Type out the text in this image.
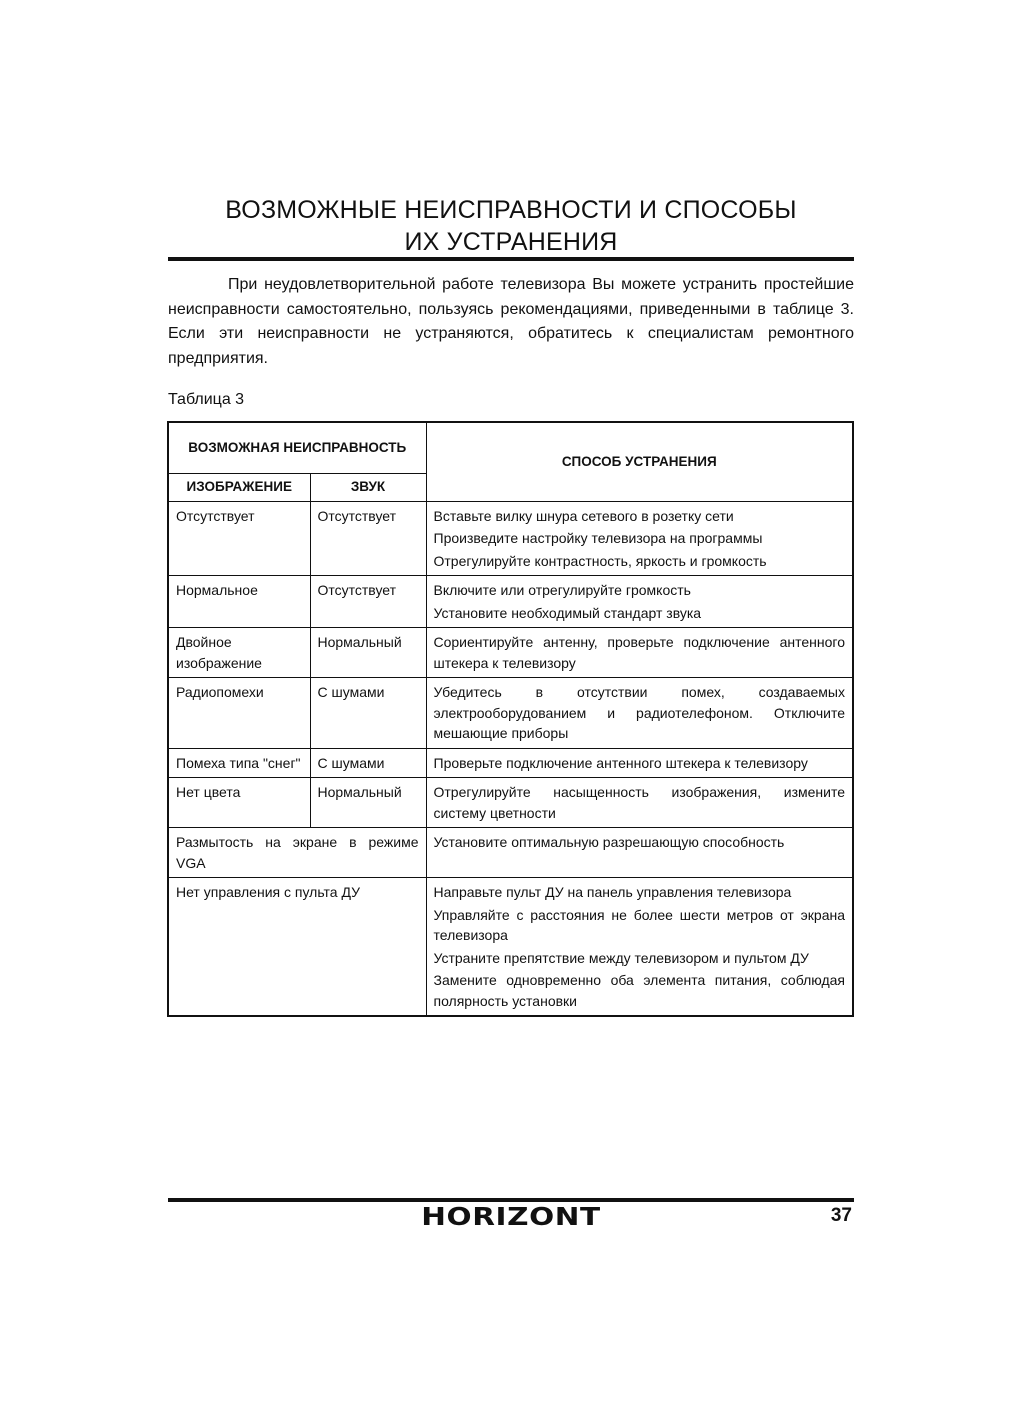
ВОЗМОЖНЫЕ НЕИСПРАВНОСТИ И СПОСОБЫ
ИХ УСТРАНЕНИЯ

При неудовлетворительной работе телевизора Вы можете устранить простейшие неисправности самостоятельно, пользуясь рекомендациями, приведенными в таблице 3. Если эти неисправности не устраняются, обратитесь к специалистам ремонтного предприятия.

Таблица 3
ВОЗМОЖНАЯ НЕИСПРАВНОСТЬ		СПОСОБ УСТРАНЕНИЯ
ИЗОБРАЖЕНИЕ	ЗВУК	
Отсутствует	Отсутствует	Вставьте вилку шнура сетевого в розетку сети
Произведите настройку телевизора на программы
Отрегулируйте контрастность, яркость и громкость

Нормальное	Отсутствует	Включите или отрегулируйте громкость
Установите необходимый стандарт звука

Двойное изображение	Нормальный	Сориентируйте антенну, проверьте подключение антенного штекера к телевизору

Радиопомехи	С шумами	Убедитесь в отсутствии помех, создаваемых электрооборудованием и радиотелефоном. Отключите мешающие приборы

Помеха типа "снег"	С шумами	Проверьте подключение антенного штекера к телевизору

Нет цвета	Нормальный	Отрегулируйте насыщенность изображения, измените систему цветности

Размытость на экране в режиме VGA		Установите оптимальную разрешающую способность

Нет управления с пульта ДУ		Направьте пульт ДУ на панель управления телевизора
Управляйте с расстояния не более шести метров от экрана телевизора
Устраните препятствие между телевизором и пультом ДУ
Замените одновременно оба элемента питания, соблюдая полярность установки
HORIZONT	37
